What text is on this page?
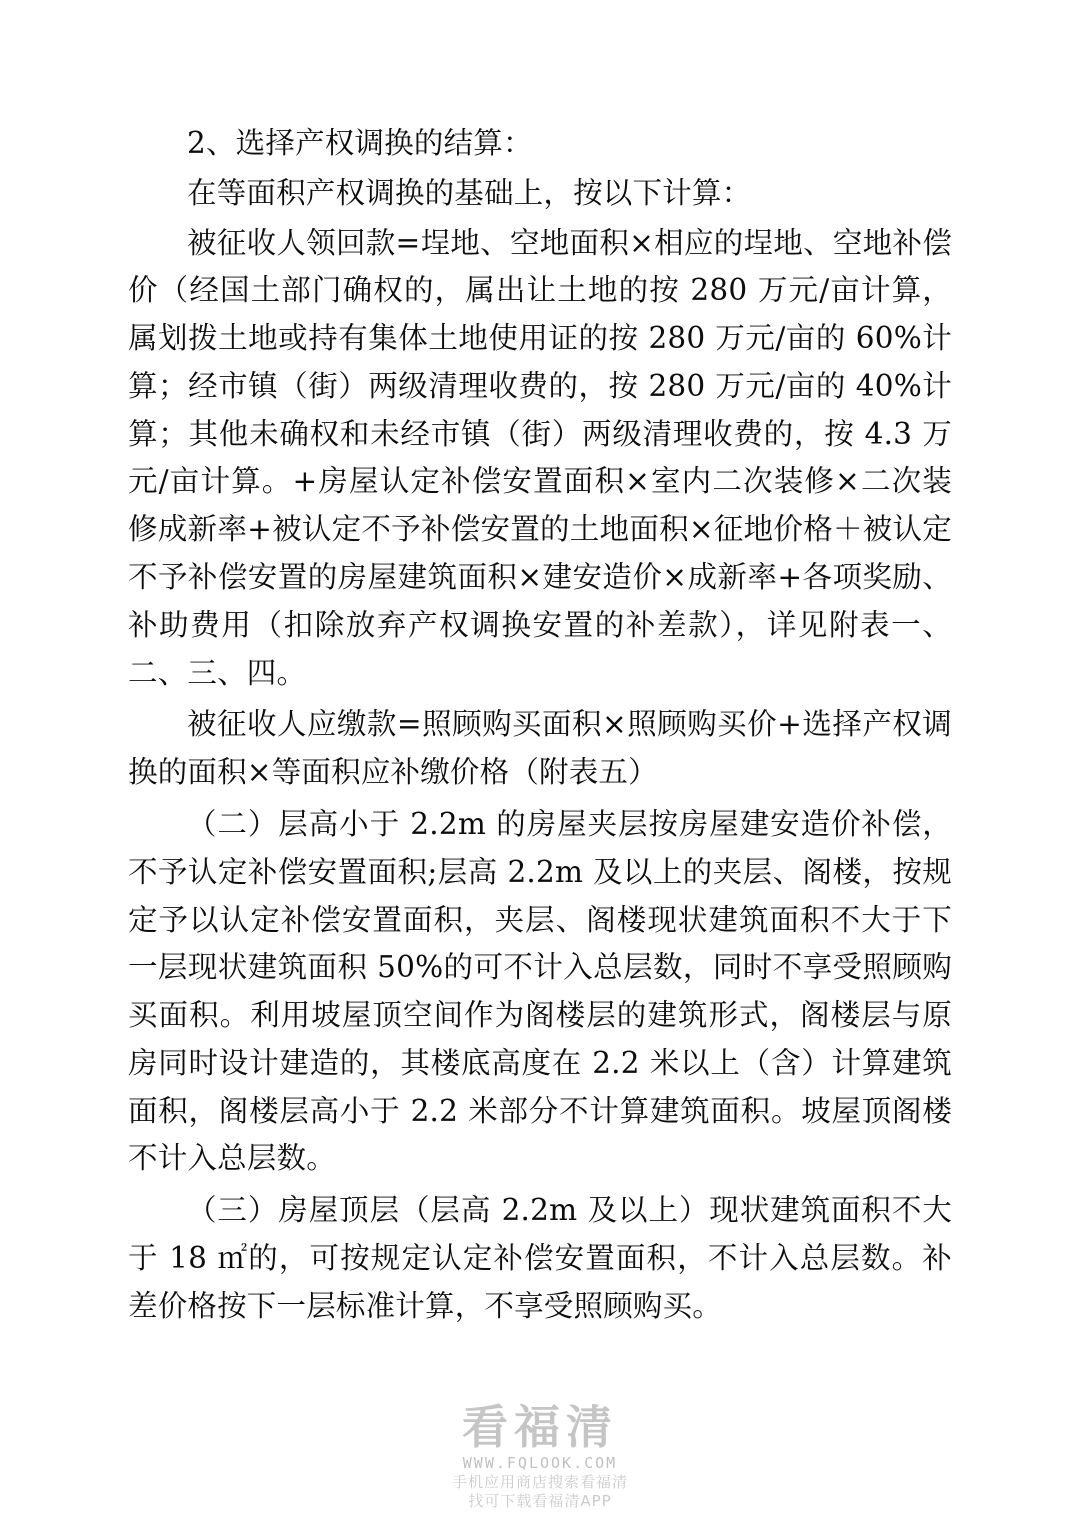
2、选择产权调换的结算：

在等面积产权调换的基础上，按以下计算：

被征收人领回款=埕地、空地面积×相应的埕地、空地补偿价（经国土部门确权的，属出让土地的按 280 万元/亩计算，属划拨土地或持有集体土地使用证的按 280 万元/亩的 60%计算；经市镇（街）两级清理收费的，按 280 万元/亩的 40%计算；其他未确权和未经市镇（街）两级清理收费的，按 4.3 万元/亩计算。+房屋认定补偿安置面积×室内二次装修×二次装修成新率+被认定不予补偿安置的土地面积×征地价格＋被认定不予补偿安置的房屋建筑面积×建安造价×成新率+各项奖励、补助费用（扣除放弃产权调换安置的补差款），详见附表一、二、三、四。

被征收人应缴款=照顾购买面积×照顾购买价+选择产权调换的面积×等面积应补缴价格（附表五）

（二）层高小于 2.2m 的房屋夹层按房屋建安造价补偿，不予认定补偿安置面积;层高 2.2m 及以上的夹层、阁楼，按规定予以认定补偿安置面积，夹层、阁楼现状建筑面积不大于下一层现状建筑面积 50%的可不计入总层数，同时不享受照顾购买面积。利用坡屋顶空间作为阁楼层的建筑形式，阁楼层与原房同时设计建造的，其楼底高度在 2.2 米以上（含）计算建筑面积，阁楼层高小于 2.2 米部分不计算建筑面积。坡屋顶阁楼不计入总层数。

（三）房屋顶层（层高 2.2m 及以上）现状建筑面积不大于 18 ㎡的，可按规定认定补偿安置面积，不计入总层数。补差价格按下一层标准计算，不享受照顾购买。

看福清
WWW.FQLOOK.COM
手机应用商店搜索看福清
找可下载看福清APP
